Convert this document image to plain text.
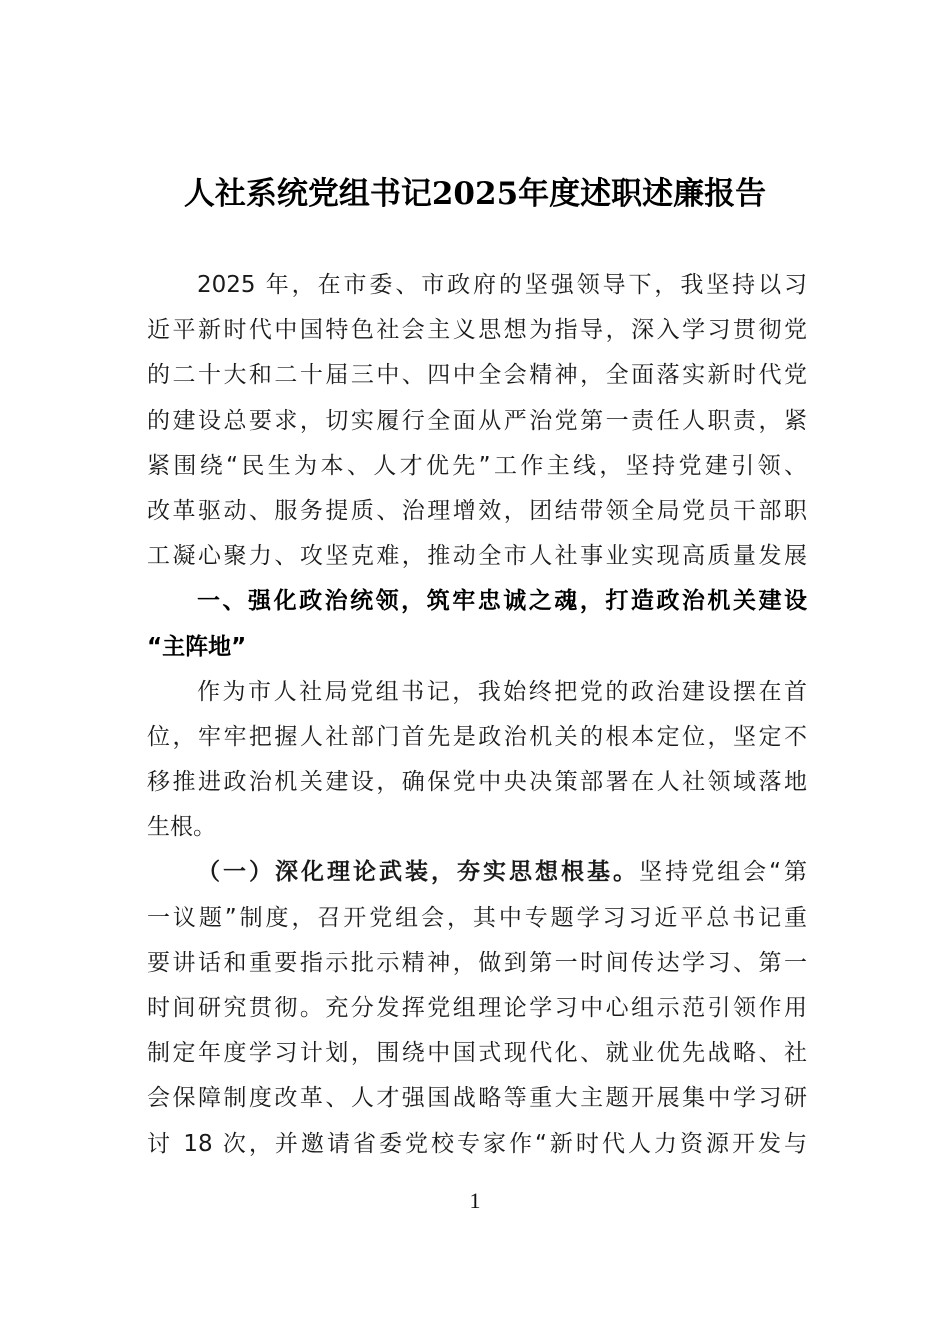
人社系统党组书记2025年度述职述廉报告
2025 年，在市委、市政府的坚强领导下，我坚持以习
近平新时代中国特色社会主义思想为指导，深入学习贯彻党
的二十大和二十届三中、四中全会精神，全面落实新时代党
的建设总要求，切实履行全面从严治党第一责任人职责，紧
紧围绕“民生为本、人才优先”工作主线，坚持党建引领、
改革驱动、服务提质、治理增效，团结带领全局党员干部职
工凝心聚力、攻坚克难，推动全市人社事业实现高质量发展
一、强化政治统领，筑牢忠诚之魂，打造政治机关建设
“主阵地”
作为市人社局党组书记，我始终把党的政治建设摆在首
位，牢牢把握人社部门首先是政治机关的根本定位，坚定不
移推进政治机关建设，确保党中央决策部署在人社领域落地
生根。
（一）深化理论武装，夯实思想根基。坚持党组会“第
一议题”制度，召开党组会，其中专题学习习近平总书记重
要讲话和重要指示批示精神，做到第一时间传达学习、第一
时间研究贯彻。充分发挥党组理论学习中心组示范引领作用
制定年度学习计划，围绕中国式现代化、就业优先战略、社
会保障制度改革、人才强国战略等重大主题开展集中学习研
讨 18 次，并邀请省委党校专家作“新时代人力资源开发与
1
